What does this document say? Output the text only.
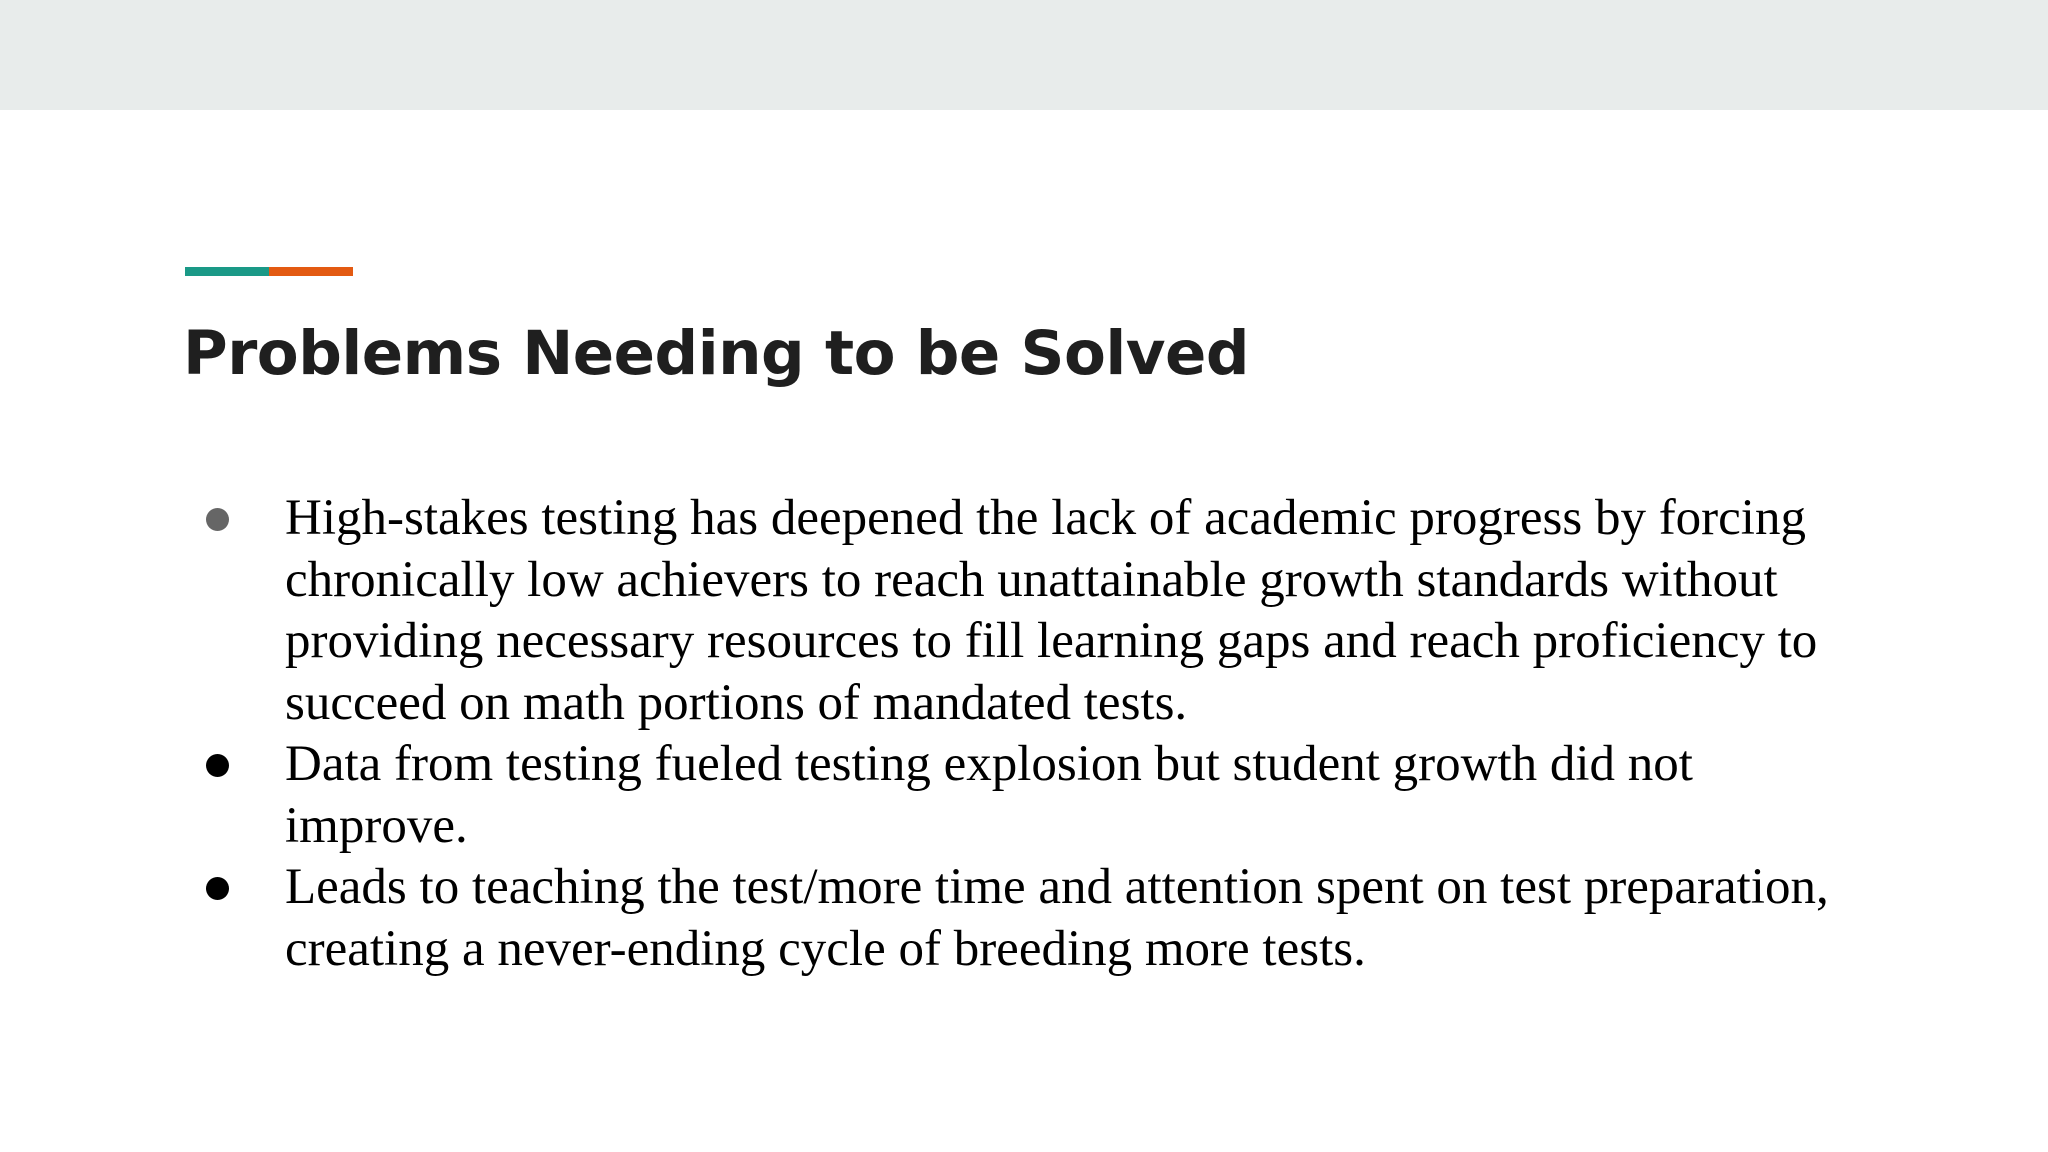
Problems Needing to be Solved
High-stakes testing has deepened the lack of academic progress by forcing chronically low achievers to reach unattainable growth standards without providing necessary resources to fill learning gaps and reach proficiency to succeed on math portions of mandated tests.
Data from testing fueled testing explosion but student growth did not improve.
Leads to teaching the test/more time and attention spent on test preparation, creating a never-ending cycle of breeding more tests.
